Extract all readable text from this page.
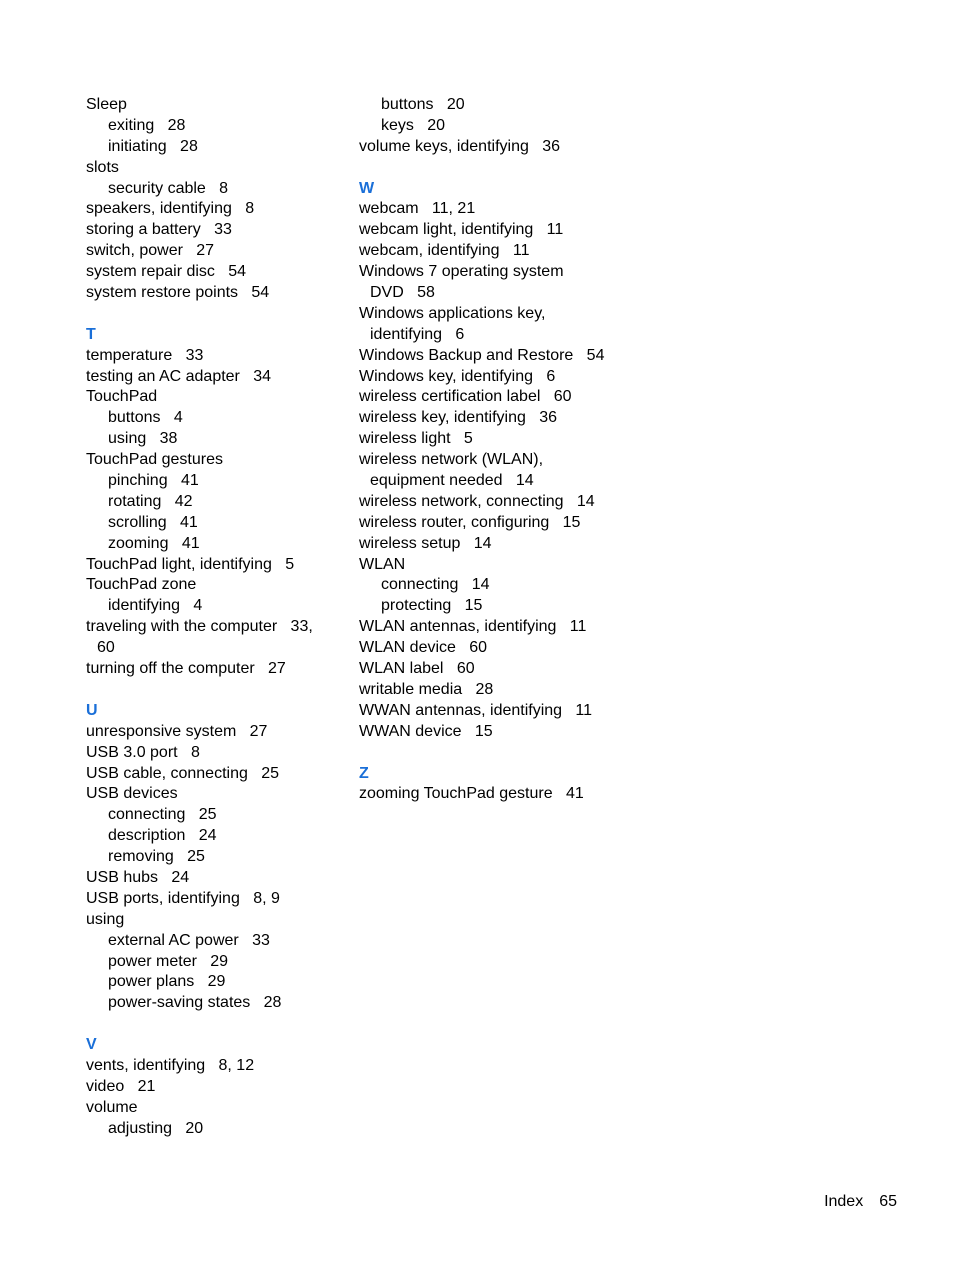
Sleep
exiting   28
initiating   28
slots
security cable   8
speakers, identifying   8
storing a battery   33
switch, power   27
system repair disc   54
system restore points   54
T
temperature   33
testing an AC adapter   34
TouchPad
buttons   4
using   38
TouchPad gestures
pinching   41
rotating   42
scrolling   41
zooming   41
TouchPad light, identifying   5
TouchPad zone
identifying   4
traveling with the computer   33,
60
turning off the computer   27
U
unresponsive system   27
USB 3.0 port   8
USB cable, connecting   25
USB devices
connecting   25
description   24
removing   25
USB hubs   24
USB ports, identifying   8, 9
using
external AC power   33
power meter   29
power plans   29
power-saving states   28
V
vents, identifying   8, 12
video   21
volume
adjusting   20
buttons   20
keys   20
volume keys, identifying   36
W
webcam   11, 21
webcam light, identifying   11
webcam, identifying   11
Windows 7 operating system
DVD   58
Windows applications key,
identifying   6
Windows Backup and Restore   54
Windows key, identifying   6
wireless certification label   60
wireless key, identifying   36
wireless light   5
wireless network (WLAN),
equipment needed   14
wireless network, connecting   14
wireless router, configuring   15
wireless setup   14
WLAN
connecting   14
protecting   15
WLAN antennas, identifying   11
WLAN device   60
WLAN label   60
writable media   28
WWAN antennas, identifying   11
WWAN device   15
Z
zooming TouchPad gesture   41
Index 65
